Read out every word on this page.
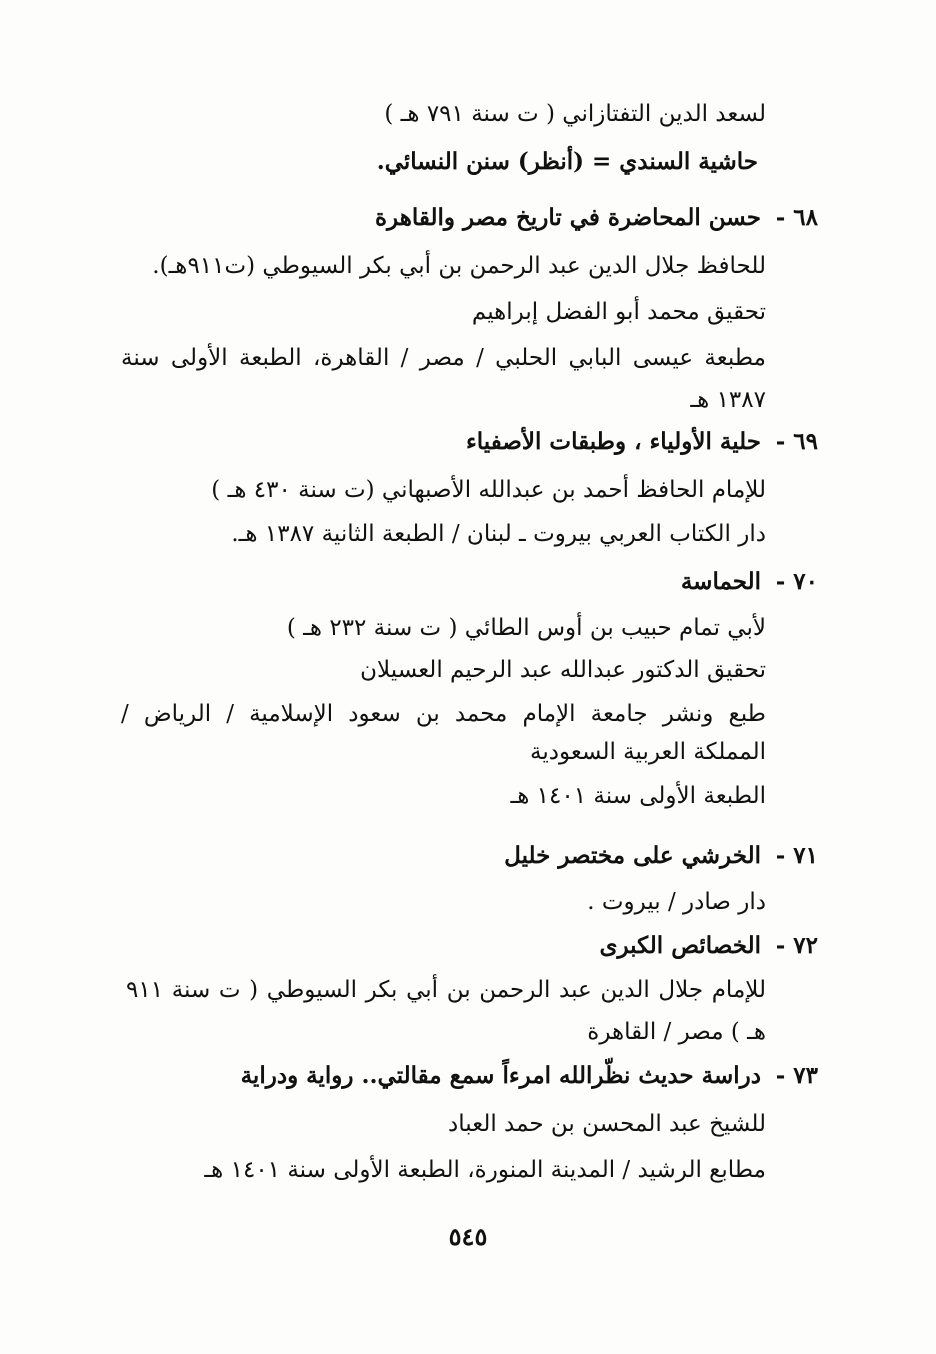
لسعد الدين التفتازاني ( ت سنة ٧٩١ هـ )
حاشية السندي = (أنظر) سنن النسائي.
٦٨ -
حسن المحاضرة في تاريخ مصر والقاهرة
للحافظ جلال الدين عبد الرحمن بن أبي بكر السيوطي (ت٩١١هـ).
تحقيق محمد أبو الفضل إبراهيم
مطبعة عيسى البابي الحلبي / مصر / القاهرة، الطبعة الأولى سنة
١٣٨٧ هـ
٦٩ -
حلية الأولياء ، وطبقات الأصفياء
للإمام الحافظ أحمد بن عبدالله الأصبهاني (ت سنة ٤٣٠ هـ )
دار الكتاب العربي بيروت ـ لبنان / الطبعة الثانية ١٣٨٧ هـ.
٧٠ -
الحماسة
لأبي تمام حبيب بن أوس الطائي ( ت سنة ٢٣٢ هـ )
تحقيق الدكتور عبدالله عبد الرحيم العسيلان
طبع ونشر جامعة الإمام محمد بن سعود الإسلامية / الرياض /
المملكة العربية السعودية
الطبعة الأولى سنة ١٤٠١ هـ
٧١ -
الخرشي على مختصر خليل
دار صادر / بيروت .
٧٢ -
الخصائص الكبرى
للإمام جلال الدين عبد الرحمن بن أبي بكر السيوطي ( ت سنة ٩١١
هـ ) مصر / القاهرة
٧٣ -
دراسة حديث نظّرالله امرءاً سمع مقالتي.. رواية ودراية
للشيخ عبد المحسن بن حمد العباد
مطابع الرشيد / المدينة المنورة، الطبعة الأولى سنة ١٤٠١ هـ
٥٤٥
